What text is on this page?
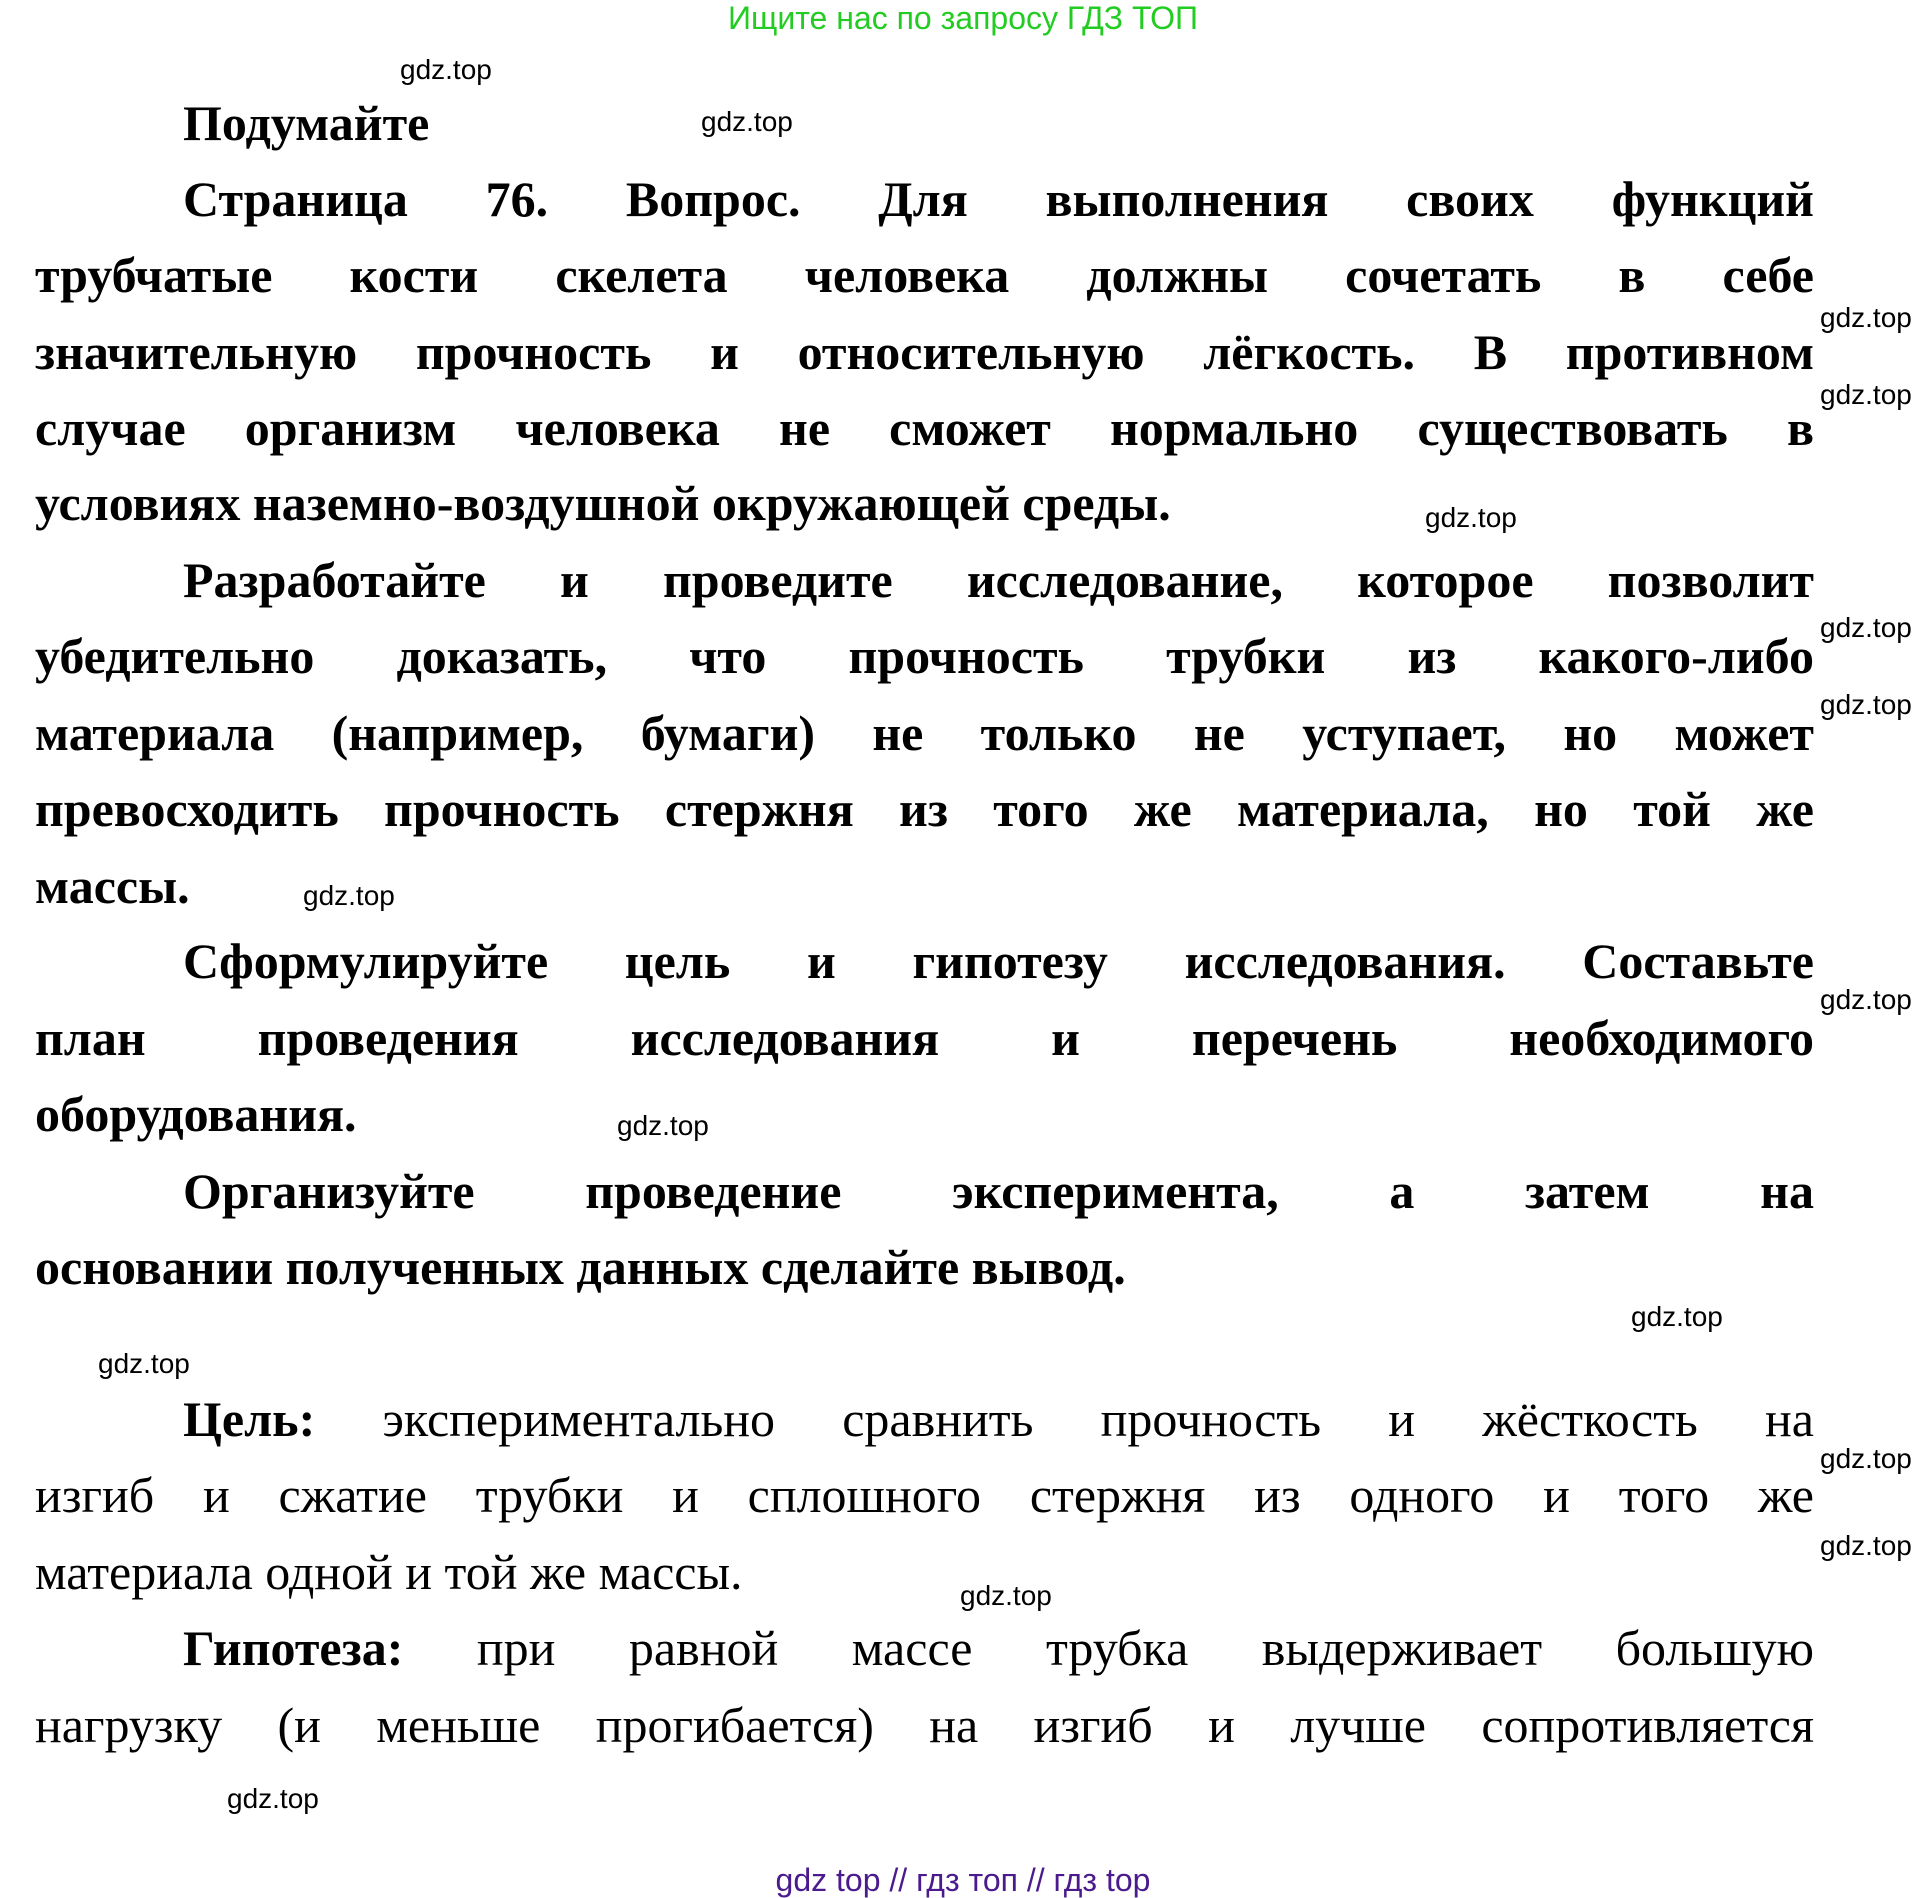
Ищите нас по запросу ГДЗ ТОП
Подумайте
Страница 76. Вопрос. Для выполнения своих функций
трубчатые кости скелета человека должны сочетать в себе
значительную прочность и относительную лёгкость. В противном
случае организм человека не сможет нормально существовать в
условиях наземно-воздушной окружающей среды.
Разработайте и проведите исследование, которое позволит
убедительно доказать, что прочность трубки из какого-либо
материала (например, бумаги) не только не уступает, но может
превосходить прочность стержня из того же материала, но той же
массы.
Сформулируйте цель и гипотезу исследования. Составьте
план проведения исследования и перечень необходимого
оборудования.
Организуйте проведение эксперимента, а затем на
основании полученных данных сделайте вывод.
Цель: экспериментально сравнить прочность и жёсткость на
изгиб и сжатие трубки и сплошного стержня из одного и того же
материала одной и той же массы.
Гипотеза: при равной массе трубка выдерживает большую
нагрузку (и меньше прогибается) на изгиб и лучше сопротивляется
gdz.top
gdz.top
gdz.top
gdz.top
gdz.top
gdz.top
gdz.top
gdz.top
gdz.top
gdz.top
gdz.top
gdz.top
gdz.top
gdz.top
gdz.top
gdz.top
gdz top // гдз топ // гдз top
